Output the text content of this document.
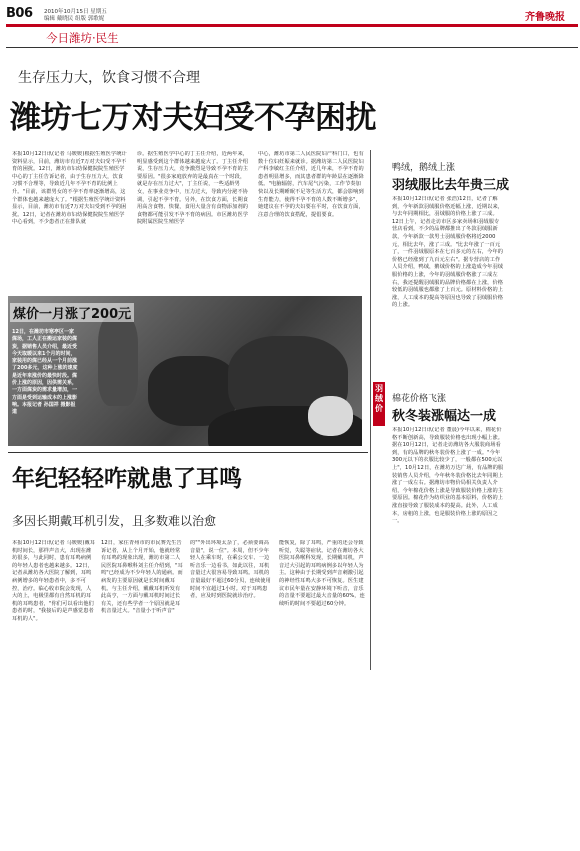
B06 2010年10月15日 星期五
编辑 戴晓民 组版 郭歌妮	齐鲁晚报
今日潍坊·民生
生存压力大，饮食习惯不合理
潍坊七万对夫妇受不孕困扰
本报10月12日讯(记者 马媛媛)根据生殖医学统计资料显示，目前，潍坊市有近7万对夫妇受不孕不育的困扰。12日，潍坊市妇幼保健院院生殖医学中心的丁主任告诉记者，由于生存压力大，饮食习惯不合理等，导致近几年不孕不育的比例上升。"目前，该群男女的不孕不育率逐渐增高，这个群体也越来越庞大了。"根据生殖医学统计资料显示，目前，潍坊市有近7万对夫妇受到不孕的困扰。12日，记者在潍坊市妇幼保健院院生殖医学中心看到，不少患者正在排队就
诊。据生殖医学中心的丁主任介绍，近两年来，明显感受到这个群体越来越庞大了。丁主任介绍说，生存压力大，竞争激烈是导致不孕不育的主要原因。"很多家庭放弃的是最真在一个时段，就是存在压力过大"，丁主任说，一些适龄男女，在事业竞争中，压力过大，导致内分泌不协调，引起不孕不育。另外，在饮食方面，长期食用高含食物、快餐，食用大量含有食物添加剂的食物都可能引发不孕不育的病因。市区潍坊医学院附属医院生殖医学
中心，潍坊市第二人民医院妇产科门口，也有数十位妇妊娠来就诊。据潍坊第二人民医院妇产科李敏红主任介绍，近几年来，不孕不育的患者明显增多，而其患者群的年龄层在逐渐降低。"电脑辐射，汽车尾气污染，工作节奏加快以及长期睡眠不足等生活方式，都会影响到生育能力，使得不孕不育的人数不断增多"，她建议在不孕的夫妇要在平时，在饮食方面，注意合理的饮食搭配，提倡要食。
煤价一月涨了200元
12日，在潍坊市寒亭区一家煤场，工人正在搬运家装的煤炭，据销售人员介绍，最近受今天取暖以来1个月的时间，家装用的煤已经从一个月前涨了200多元，这种上涨的速度是近年来涨价的最快时段。煤价上涨的原因，因供需关系，一方面煤炭的需求量增加，一方面是受到运输成本的上涨影响。本报记者 孙国祥 摄影报道
年纪轻轻咋就患了耳鸣
多因长期戴耳机引发，且多数难以治愈
本报10月12日讯(记者 马媛媛)戴耳机时间长，那样声音大，出现在潍坊很多，与此同时，患有耳鸣病例的年轻人患者也越来越多。12日，记者从潍坊各大医院了解到，耳鸣病例增多的年轻患者中，多不可控，治疗。临心收市院会发现，人大的上，电极里都有自然耳机的耳机的耳鸣患者，"你们可以看出他们患者的时，"我接后的是声感觉患者耳机的人"。
12日，家住青州市的市民赛先生告诉记者，从上个月开始，他就经常有耳鸣的现象出现，潍坊市第二人民医院耳鼻喉科刘主任介绍到，"耳鸣"已经成为不少年轻人的通病。而病发的主要原因就是长时间戴耳机。与主任介绍，戴戴耳机听发有此高亨，一方面与戴耳机时间过长有关，还有些学者一个原因就是耳机音量过大。"音量小于听声音"
的""外出环境太杂了，必须要调高音量"，说一位"。本周，但不少年轻人在乘车时，在乘公交车、一边听音乐一边看书，如此以往，耳机音量过大很容易导致耳鸣。耳机的音量最好不超过60分贝，连续使用时间不宜超过1小时。对于耳鸣患者，应及时到医院就诊治疗。
能恢复，除了耳鸣，严重的还会导致听觉，失聪等症状。记者在潍坊各大医院耳鼻喉科发现，长期戴耳机，声音过大引起的耳鸣病例多以年轻人为主。这种由于长期受到声音刺激引起的神经性耳鸣大多不可恢复。医生建议市民年量在安静环境下听音，音乐的音量不要超过最大音量的60%，连续听的时间不要超过60分钟。
鸭绒，鹅绒上涨
羽绒服比去年贵三成
本报10月12日讯(记者 张浩)12日，记者了解到，今年新款羽绒服价格近幅上涨，近期以来，与去年同期相比，羽绒服的价格上涨了三成。12日上午，记者走访市区多家卖场和羽绒服专营店看到，不少的品牌都推出了冬款羽绒服新款，今年新款一款男士羽绒服价格将近2000元，相比去年，涨了三成。"比去年涨了一百元了，一件羽绒服原本在七百多元的左右，今年的价格已经涨到了九百元左右"。据专营店的工作人员介绍，鸭绒，鹅绒价格的上涨造成今年羽绒服价格的上涨，今年的羽绒服价格涨了三成左右，我还提醒羽绒服的品牌价格都在上涨，价格较低的羽绒服也都涨了上百元。原材料价格的上涨，人工成本的提高等原因也导致了羽绒服价格的上涨。
羽绒价
棉花价格飞涨
秋冬装涨幅达一成
本报10月12日讯(记者 董晨)今年以来，棉花价格不断创新高，导致服装价格也出现小幅上涨。据在10月12日，记者走访潍坊各大服装商场看到，有的品牌的秋冬装价格上涨了一成。"今年300元以下的衣服比较少了，一般都在500元以上"，10月12日，在潍坊万达广场，有品牌的服装销售人员介绍，今年秋冬装价格比去年同期上涨了一成左右。据潍坊市物价局相关负责人介绍，今年棉花价格上涨是导致服装价格上涨的主要原因。棉花作为纺织业的基本原料，价格的上涨直接导致了服装成本的提高。此外，人工成本，房租的上涨，也是服装价格上涨的原因之一。
